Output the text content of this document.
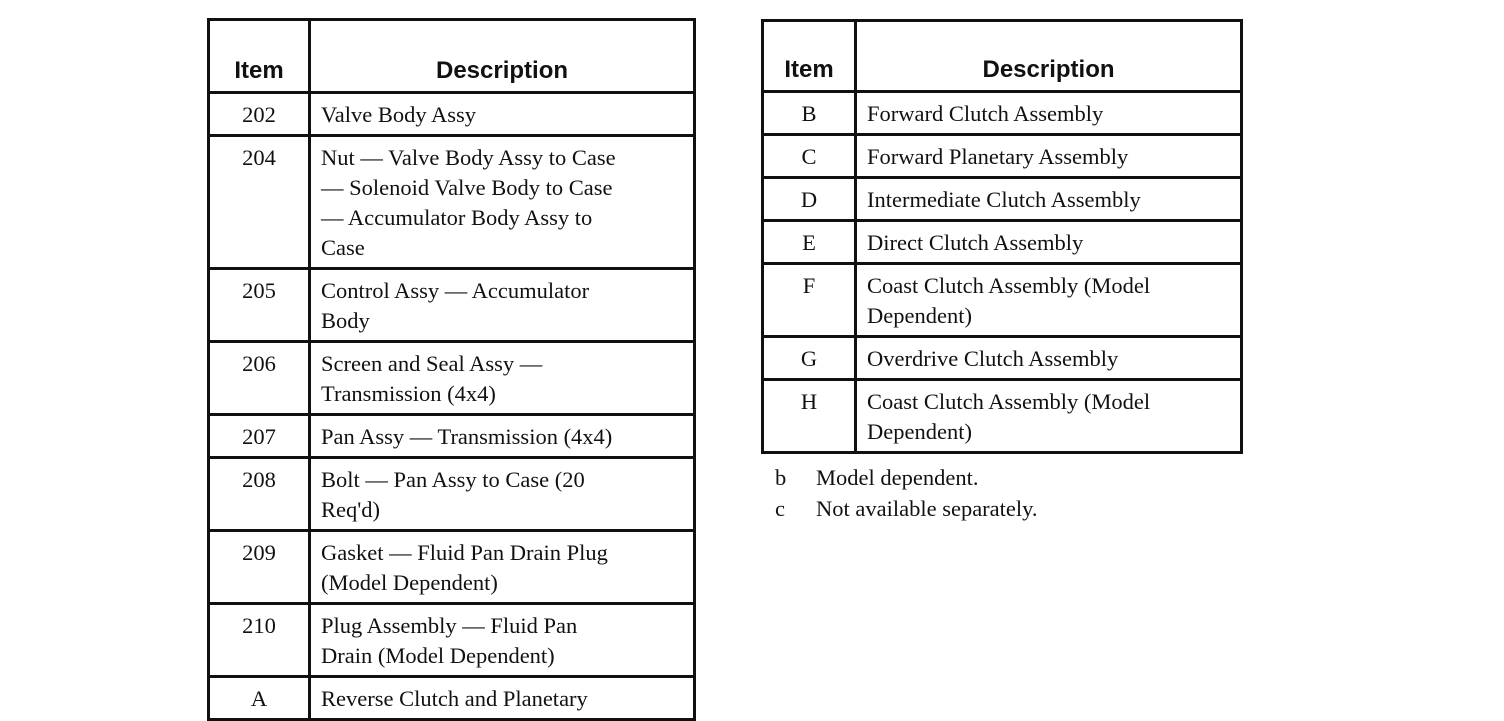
Item	Description
202	Valve Body Assy
204	Nut — Valve Body Assy to Case
— Solenoid Valve Body to Case
— Accumulator Body Assy to
Case
205	Control Assy — Accumulator
Body
206	Screen and Seal Assy —
Transmission (4x4)
207	Pan Assy — Transmission (4x4)
208	Bolt — Pan Assy to Case (20
Req'd)
209	Gasket — Fluid Pan Drain Plug
(Model Dependent)
210	Plug Assembly — Fluid Pan
Drain (Model Dependent)
A	Reverse Clutch and Planetary
Item	Description
B	Forward Clutch Assembly
C	Forward Planetary Assembly
D	Intermediate Clutch Assembly
E	Direct Clutch Assembly
F	Coast Clutch Assembly (Model
Dependent)
G	Overdrive Clutch Assembly
H	Coast Clutch Assembly (Model
Dependent)
b	Model dependent.
c	Not available separately.
